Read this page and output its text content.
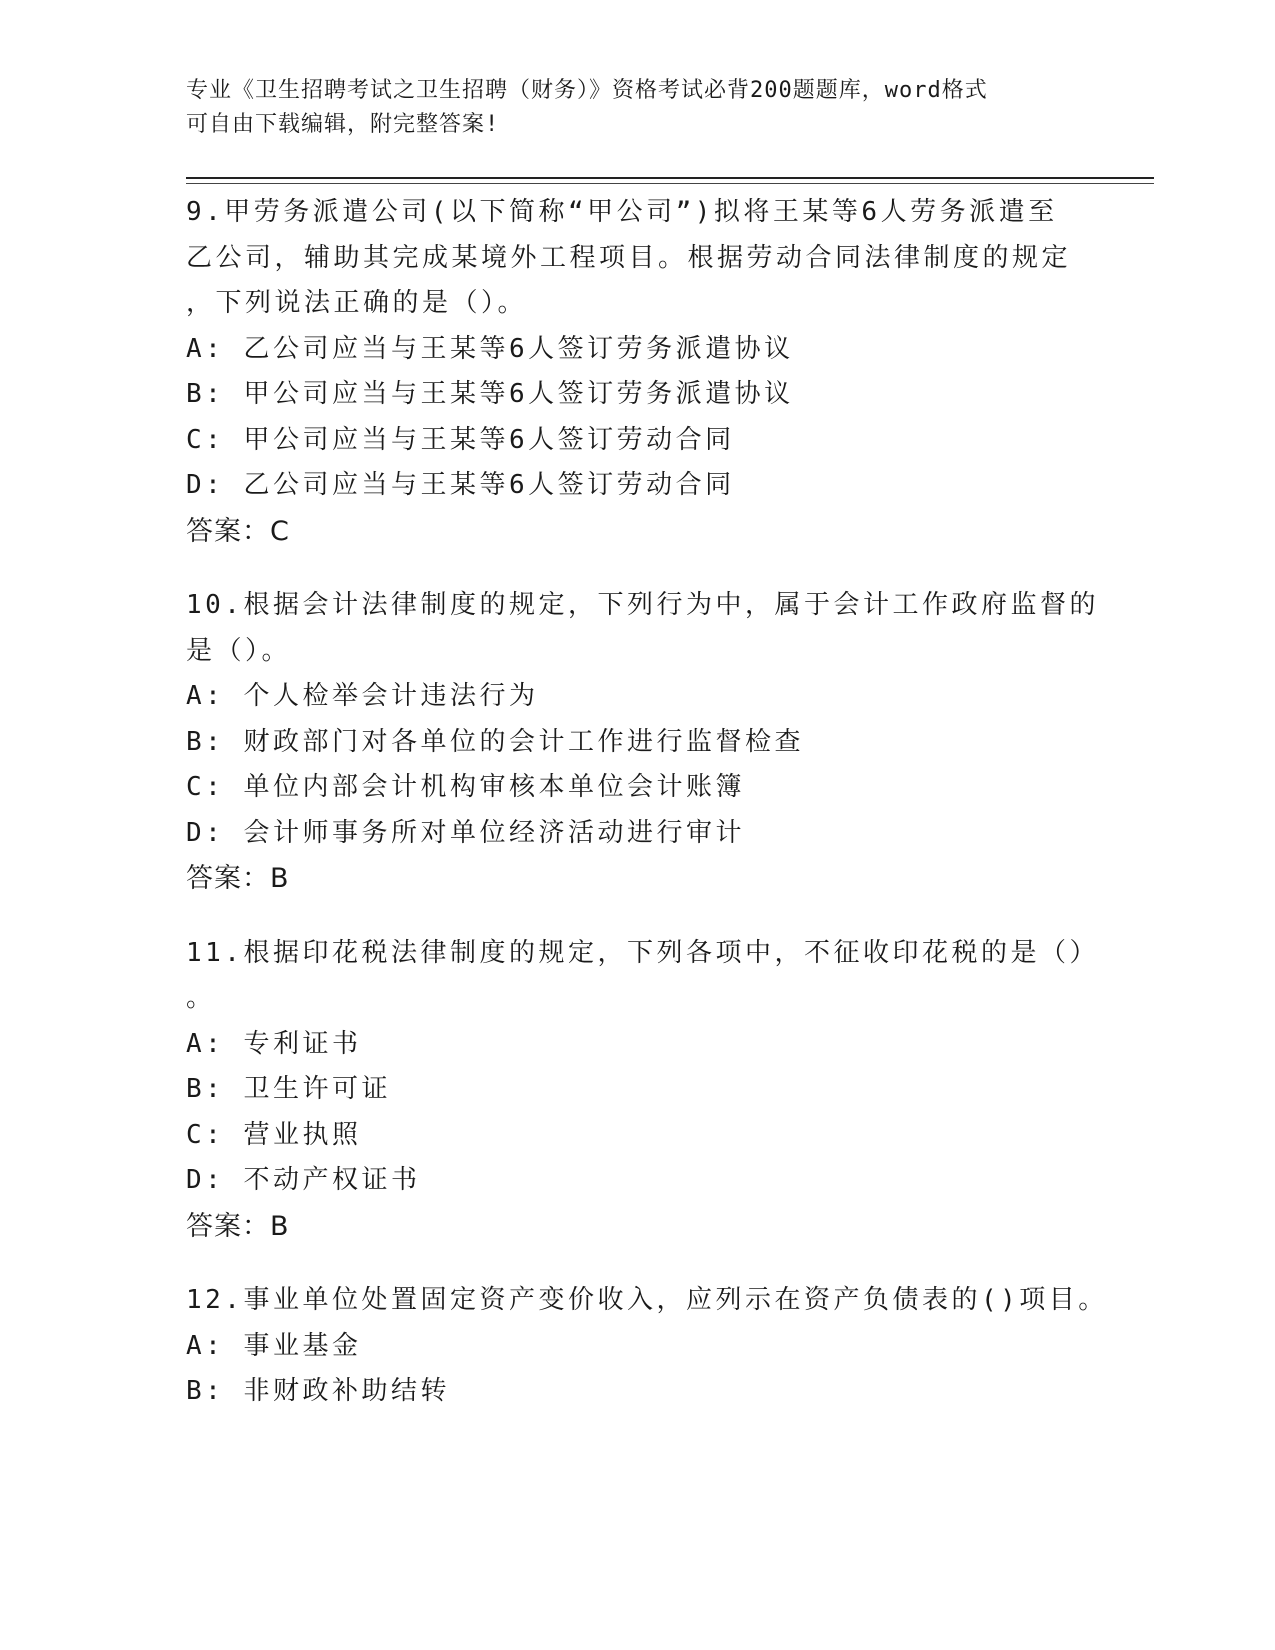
专业《卫生招聘考试之卫生招聘（财务）》资格考试必背200题题库，word格式
可自由下载编辑，附完整答案!
9.甲劳务派遣公司(以下简称“甲公司”)拟将王某等6人劳务派遣至
乙公司，辅助其完成某境外工程项目。根据劳动合同法律制度的规定
，下列说法正确的是（）。
A: 乙公司应当与王某等6人签订劳务派遣协议
B: 甲公司应当与王某等6人签订劳务派遣协议
C: 甲公司应当与王某等6人签订劳动合同
D: 乙公司应当与王某等6人签订劳动合同
答案：C
10.根据会计法律制度的规定，下列行为中，属于会计工作政府监督的
是（）。
A: 个人检举会计违法行为
B: 财政部门对各单位的会计工作进行监督检查
C: 单位内部会计机构审核本单位会计账簿
D: 会计师事务所对单位经济活动进行审计
答案：B
11.根据印花税法律制度的规定，下列各项中，不征收印花税的是（）
。
A: 专利证书
B: 卫生许可证
C: 营业执照
D: 不动产权证书
答案：B
12.事业单位处置固定资产变价收入，应列示在资产负债表的()项目。
A: 事业基金
B: 非财政补助结转
